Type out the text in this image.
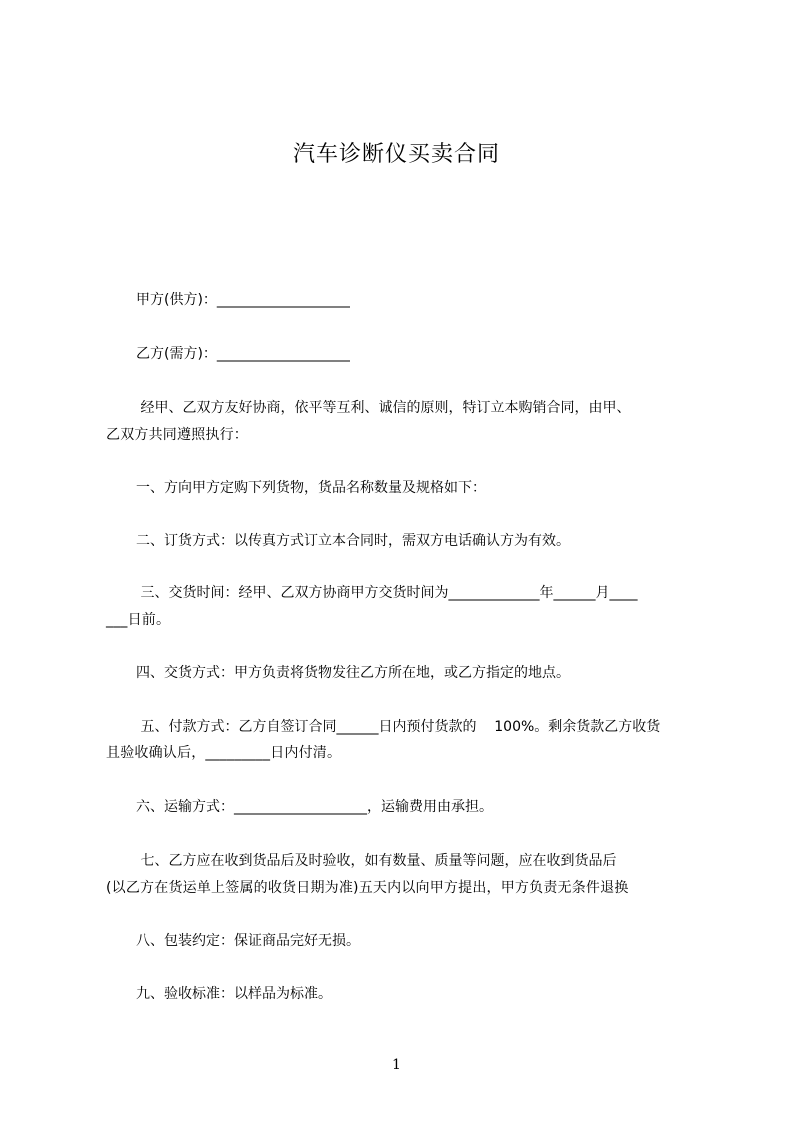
汽车诊断仪买卖合同
甲方(供方)：___________________
乙方(需方)：___________________
经甲、乙双方友好协商，依平等互利、诚信的原则，特订立本购销合同，由甲、
乙双方共同遵照执行：
一、方向甲方定购下列货物，货品名称数量及规格如下：
二、订货方式：以传真方式订立本合同时，需双方电话确认方为有效。
三、交货时间：经甲、乙双方协商甲方交货时间为_____________年______月____
___日前。
四、交货方式：甲方负责将货物发往乙方所在地，或乙方指定的地点。
五、付款方式：乙方自签订合同______日内预付货款的    100%。剩余货款乙方收货
且验收确认后，_________日内付清。
六、运输方式：___________________，运输费用由承担。
七、乙方应在收到货品后及时验收，如有数量、质量等问题，应在收到货品后
(以乙方在货运单上签属的收货日期为准)五天内以向甲方提出，甲方负责无条件退换
八、包装约定：保证商品完好无损。
九、验收标准：以样品为标准。
1
